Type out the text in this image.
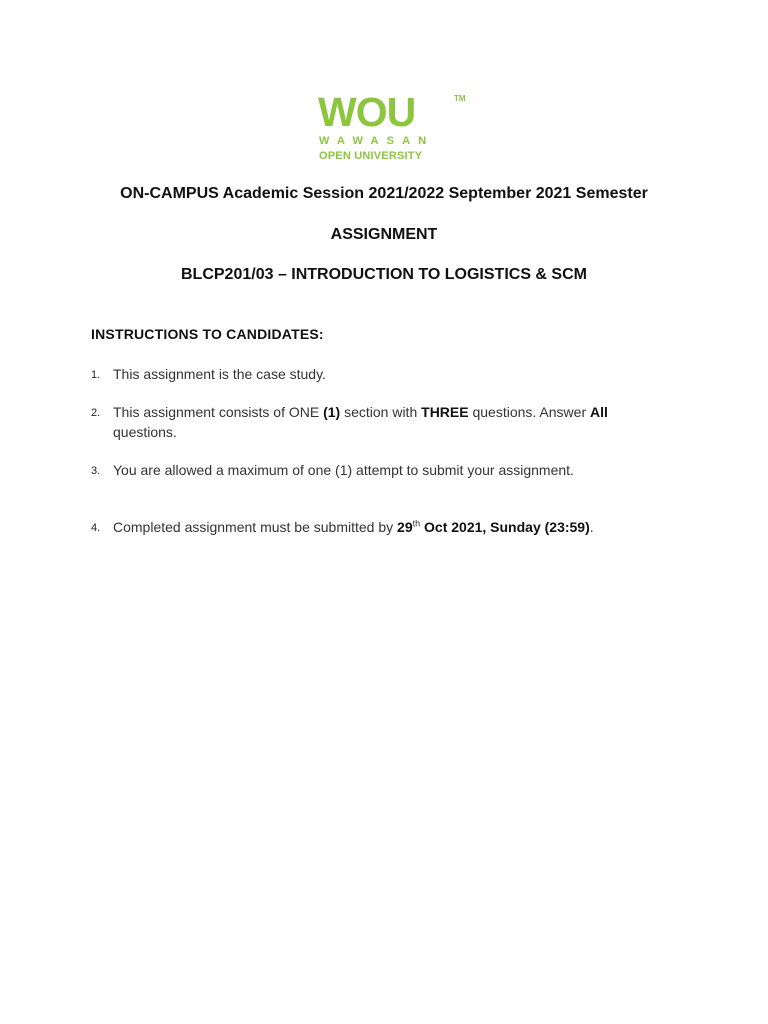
WOU	TM
WAWASAN
OPEN UNIVERSITY
ON-CAMPUS Academic Session 2021/2022 September 2021 Semester
ASSIGNMENT
BLCP201/03 – INTRODUCTION TO LOGISTICS & SCM
INSTRUCTIONS TO CANDIDATES:
1. This assignment is the case study.
2. This assignment consists of ONE (1) section with THREE questions. Answer All
questions.
3. You are allowed a maximum of one (1) attempt to submit your assignment.
4. Completed assignment must be submitted by 29th Oct 2021, Sunday (23:59).
